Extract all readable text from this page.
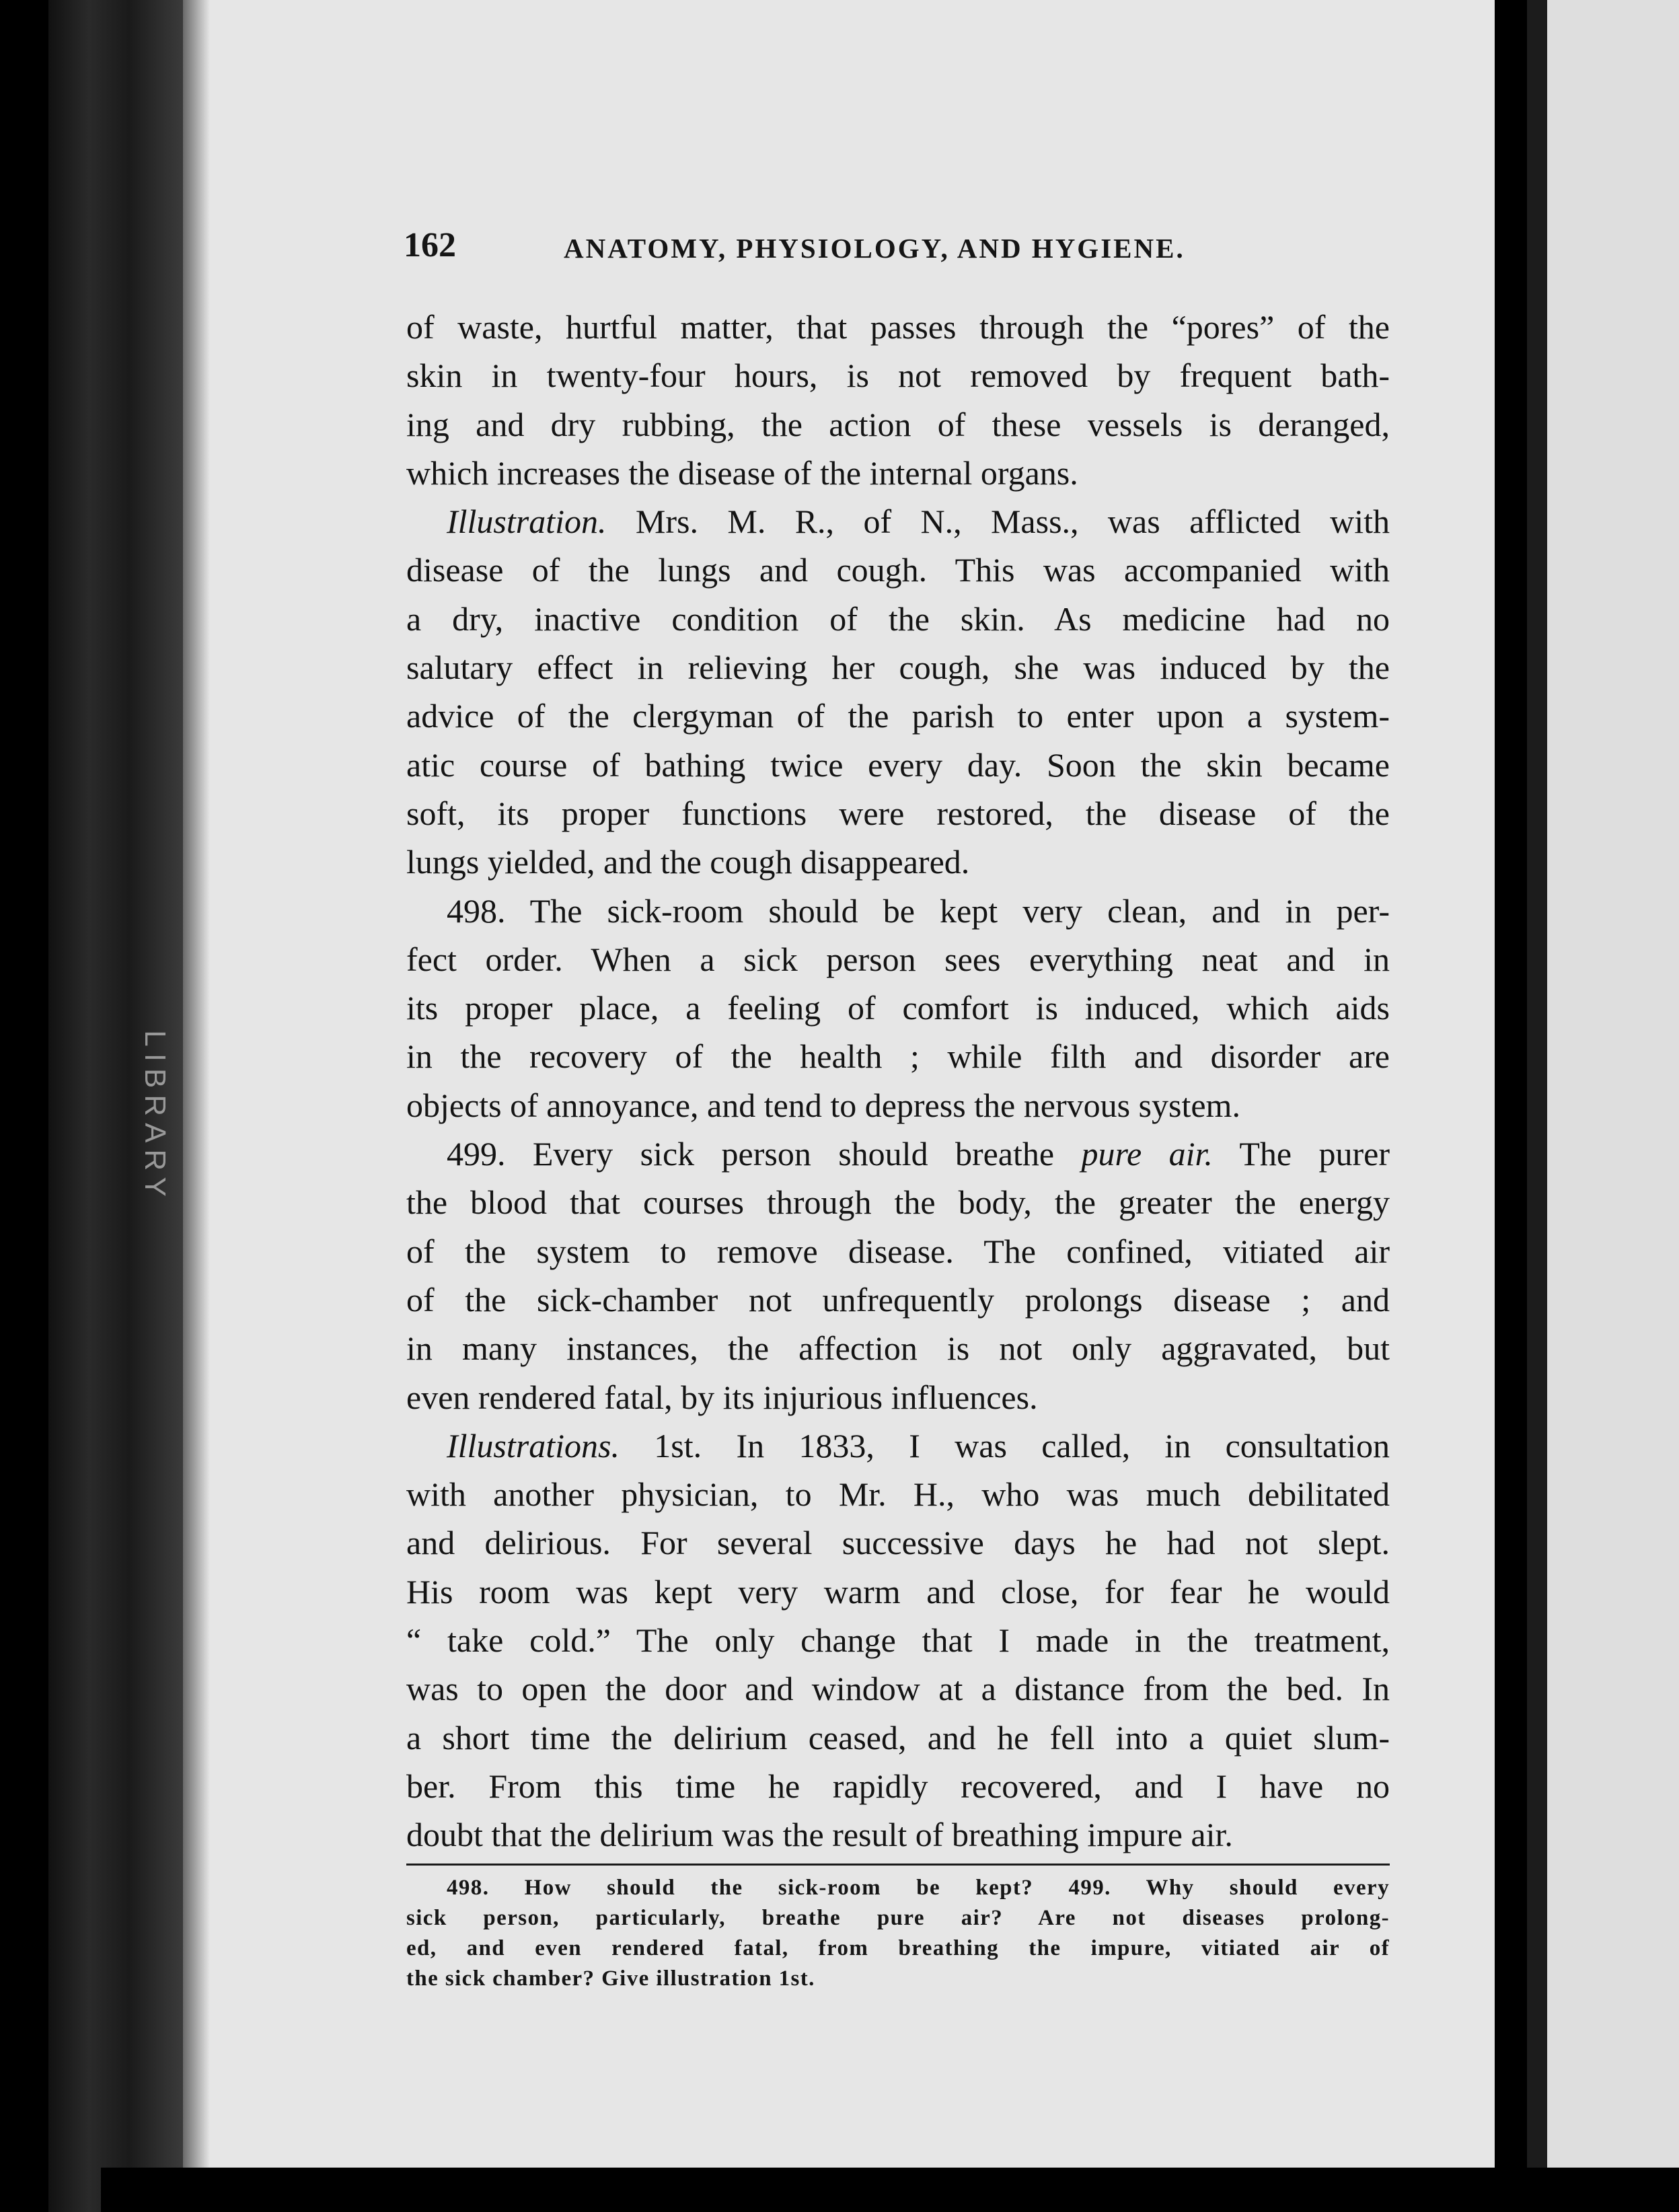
LIBRARY
162	ANATOMY, PHYSIOLOGY, AND HYGIENE.

of waste, hurtful matter, that passes through the “pores” of the

skin in twenty-four hours, is not removed by frequent bath-

ing and dry rubbing, the action of these vessels is deranged,

which increases the disease of the internal organs.

Illustration. Mrs. M. R., of N., Mass., was afflicted with

disease of the lungs and cough. This was accompanied with

a dry, inactive condition of the skin. As medicine had no

salutary effect in relieving her cough, she was induced by the

advice of the clergyman of the parish to enter upon a system-

atic course of bathing twice every day. Soon the skin became

soft, its proper functions were restored, the disease of the

lungs yielded, and the cough disappeared.

498. The sick-room should be kept very clean, and in per-

fect order. When a sick person sees everything neat and in

its proper place, a feeling of comfort is induced, which aids

in the recovery of the health ; while filth and disorder are

objects of annoyance, and tend to depress the nervous system.

499. Every sick person should breathe pure air. The purer

the blood that courses through the body, the greater the energy

of the system to remove disease. The confined, vitiated air

of the sick-chamber not unfrequently prolongs disease ; and

in many instances, the affection is not only aggravated, but

even rendered fatal, by its injurious influences.

Illustrations. 1st. In 1833, I was called, in consultation

with another physician, to Mr. H., who was much debilitated

and delirious. For several successive days he had not slept.

His room was kept very warm and close, for fear he would

“ take cold.” The only change that I made in the treatment,

was to open the door and window at a distance from the bed. In

a short time the delirium ceased, and he fell into a quiet slum-

ber. From this time he rapidly recovered, and I have no

doubt that the delirium was the result of breathing impure air.

498. How should the sick-room be kept? 499. Why should every

sick person, particularly, breathe pure air? Are not diseases prolong-

ed, and even rendered fatal, from breathing the impure, vitiated air of

the sick chamber? Give illustration 1st.
